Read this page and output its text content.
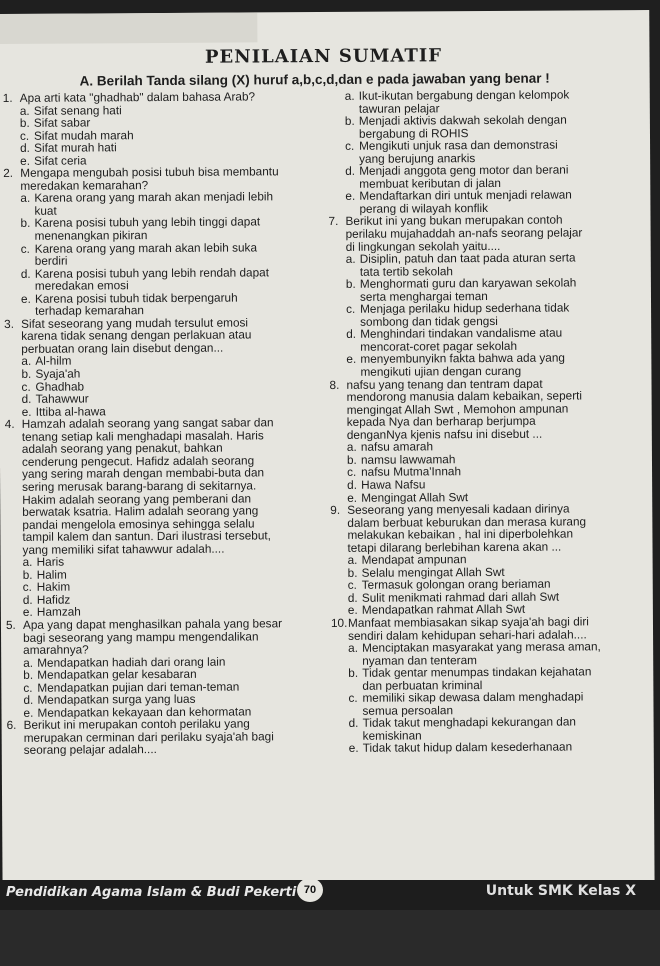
PENILAIAN SUMATIF
A. Berilah Tanda silang (X) huruf a,b,c,d,dan e pada jawaban yang benar !
1. Apa arti kata "ghadhab" dalam bahasa Arab?
a. Sifat senang hati
b. Sifat sabar
c. Sifat mudah marah
d. Sifat murah hati
e. Sifat ceria
2. Mengapa mengubah posisi tubuh bisa membantu
meredakan kemarahan?
a. Karena orang yang marah akan menjadi lebih
kuat
b. Karena posisi tubuh yang lebih tinggi dapat
menenangkan pikiran
c. Karena orang yang marah akan lebih suka
berdiri
d. Karena posisi tubuh yang lebih rendah dapat
meredakan emosi
e. Karena posisi tubuh tidak berpengaruh
terhadap kemarahan
3. Sifat seseorang yang mudah tersulut emosi
karena tidak senang dengan perlakuan atau
perbuatan orang lain disebut dengan...
a. Al-hilm
b. Syaja'ah
c. Ghadhab
d. Tahawwur
e. Ittiba al-hawa
4. Hamzah adalah seorang yang sangat sabar dan
tenang setiap kali menghadapi masalah. Haris
adalah seorang yang penakut, bahkan
cenderung pengecut. Hafidz adalah seorang
yang sering marah dengan membabi-buta dan
sering merusak barang-barang di sekitarnya.
Hakim adalah seorang yang pemberani dan
berwatak ksatria. Halim adalah seorang yang
pandai mengelola emosinya sehingga selalu
tampil kalem dan santun. Dari ilustrasi tersebut,
yang memiliki sifat tahawwur adalah....
a. Haris
b. Halim
c. Hakim
d. Hafidz
e. Hamzah
5. Apa yang dapat menghasilkan pahala yang besar
bagi seseorang yang mampu mengendalikan
amarahnya?
a. Mendapatkan hadiah dari orang lain
b. Mendapatkan gelar kesabaran
c. Mendapatkan pujian dari teman-teman
d. Mendapatkan surga yang luas
e. Mendapatkan kekayaan dan kehormatan
6. Berikut ini merupakan contoh perilaku yang
merupakan cerminan dari perilaku syaja'ah bagi
seorang pelajar adalah....
a. Ikut-ikutan bergabung dengan kelompok
tawuran pelajar
b. Menjadi aktivis dakwah sekolah dengan
bergabung di ROHIS
c. Mengikuti unjuk rasa dan demonstrasi
yang berujung anarkis
d. Menjadi anggota geng motor dan berani
membuat keributan di jalan
e. Mendaftarkan diri untuk menjadi relawan
perang di wilayah konflik
7. Berikut ini yang bukan merupakan contoh
perilaku mujahaddah an-nafs seorang pelajar
di lingkungan sekolah yaitu....
a. Disiplin, patuh dan taat pada aturan serta
tata tertib sekolah
b. Menghormati guru dan karyawan sekolah
serta menghargai teman
c. Menjaga perilaku hidup sederhana tidak
sombong dan tidak gengsi
d. Menghindari tindakan vandalisme atau
mencorat-coret pagar sekolah
e. menyembunyikn fakta bahwa ada yang
mengikuti ujian dengan curang
8. nafsu yang tenang dan tentram dapat
mendorong manusia dalam kebaikan, seperti
mengingat Allah Swt , Memohon ampunan
kepada Nya dan berharap berjumpa
denganNya kjenis nafsu ini disebut ...
a. nafsu amarah
b. namsu lawwamah
c. nafsu Mutma'Innah
d. Hawa Nafsu
e. Mengingat Allah Swt
9. Seseorang yang menyesali kadaan dirinya
dalam berbuat keburukan dan merasa kurang
melakukan kebaikan , hal ini diperbolehkan
tetapi dilarang berlebihan karena akan ...
a. Mendapat ampunan
b. Selalu mengingat Allah Swt
c. Termasuk golongan orang beriaman
d. Sulit menikmati rahmad dari allah Swt
e. Mendapatkan rahmat Allah Swt
10. Manfaat membiasakan sikap syaja'ah bagi diri
sendiri dalam kehidupan sehari-hari adalah....
a. Menciptakan masyarakat yang merasa aman,
nyaman dan tenteram
b. Tidak gentar menumpas tindakan kejahatan
dan perbuatan kriminal
c. memiliki sikap dewasa dalam menghadapi
semua persoalan
d. Tidak takut menghadapi kekurangan dan
kemiskinan
e. Tidak takut hidup dalam kesederhanaan
Pendidikan Agama Islam & Budi Pekerti 70	Untuk SMK Kelas X
